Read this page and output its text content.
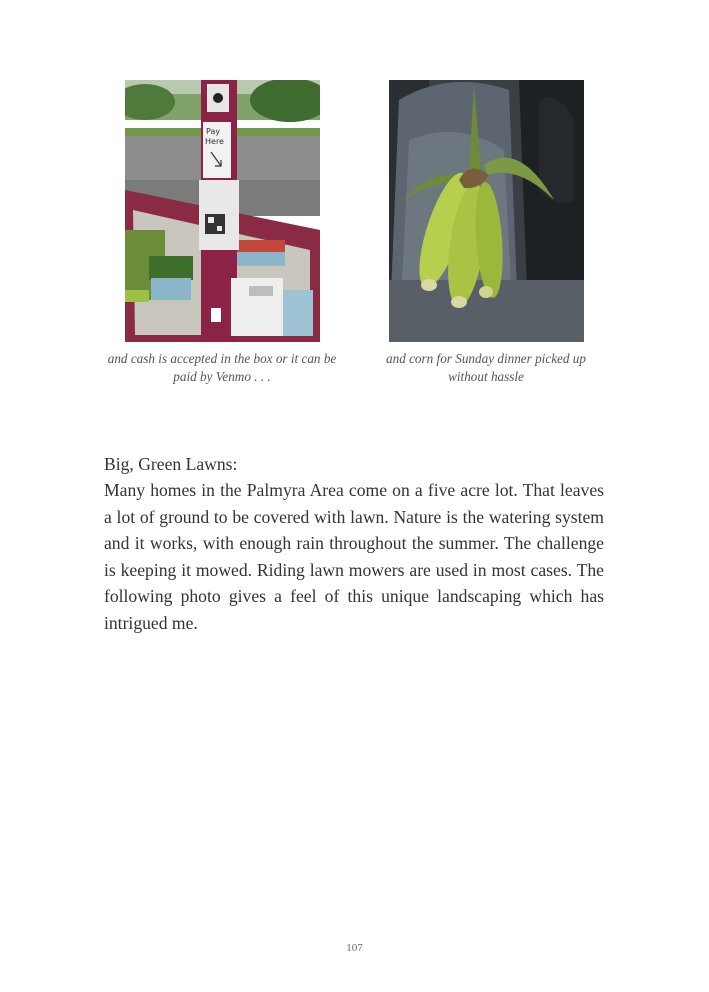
Pay
Here
and cash is accepted in the box or it can be paid by Venmo . . .
and corn for Sunday dinner picked up without hassle
Big, Green Lawns:
Many homes in the Palmyra Area come on a five acre lot. That leaves a lot of ground to be covered with lawn. Nature is the watering system and it works, with enough rain throughout the summer. The challenge is keeping it mowed. Riding lawn mowers are used in most cases. The following photo gives a feel of this unique landscaping which has intrigued me.
107
